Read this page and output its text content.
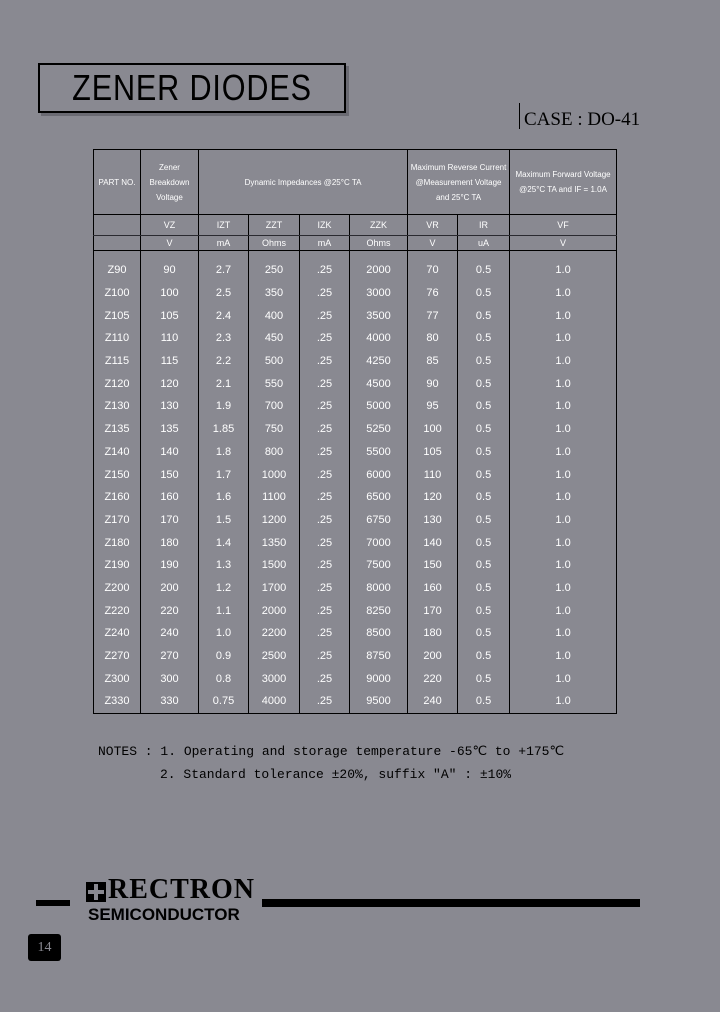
ZENER DIODES
CASE : DO-41
PART NO.	Zener Breakdown Voltage	Dynamic Impedances @25°C TA				Maximum Reverse Current @Measurement Voltage and 25°C TA		Maximum Forward Voltage @25°C TA and IF = 1.0A
	VZ	IZT	ZZT	IZK	ZZK	VR	IR	VF
	V	mA	Ohms	mA	Ohms	V	uA	V

Z90	90	2.7	250	.25	2000	70	0.5	1.0
Z100	100	2.5	350	.25	3000	76	0.5	1.0
Z105	105	2.4	400	.25	3500	77	0.5	1.0
Z110	110	2.3	450	.25	4000	80	0.5	1.0
Z115	115	2.2	500	.25	4250	85	0.5	1.0
Z120	120	2.1	550	.25	4500	90	0.5	1.0
Z130	130	1.9	700	.25	5000	95	0.5	1.0
Z135	135	1.85	750	.25	5250	100	0.5	1.0
Z140	140	1.8	800	.25	5500	105	0.5	1.0
Z150	150	1.7	1000	.25	6000	110	0.5	1.0
Z160	160	1.6	1100	.25	6500	120	0.5	1.0
Z170	170	1.5	1200	.25	6750	130	0.5	1.0
Z180	180	1.4	1350	.25	7000	140	0.5	1.0
Z190	190	1.3	1500	.25	7500	150	0.5	1.0
Z200	200	1.2	1700	.25	8000	160	0.5	1.0
Z220	220	1.1	2000	.25	8250	170	0.5	1.0
Z240	240	1.0	2200	.25	8500	180	0.5	1.0
Z270	270	0.9	2500	.25	8750	200	0.5	1.0
Z300	300	0.8	3000	.25	9000	220	0.5	1.0
Z330	330	0.75	4000	.25	9500	240	0.5	1.0
NOTES : 1. Operating and storage temperature -65℃ to +175℃
2. Standard tolerance ±20%, suffix "A" : ±10%
RECTRON
SEMICONDUCTOR
14
